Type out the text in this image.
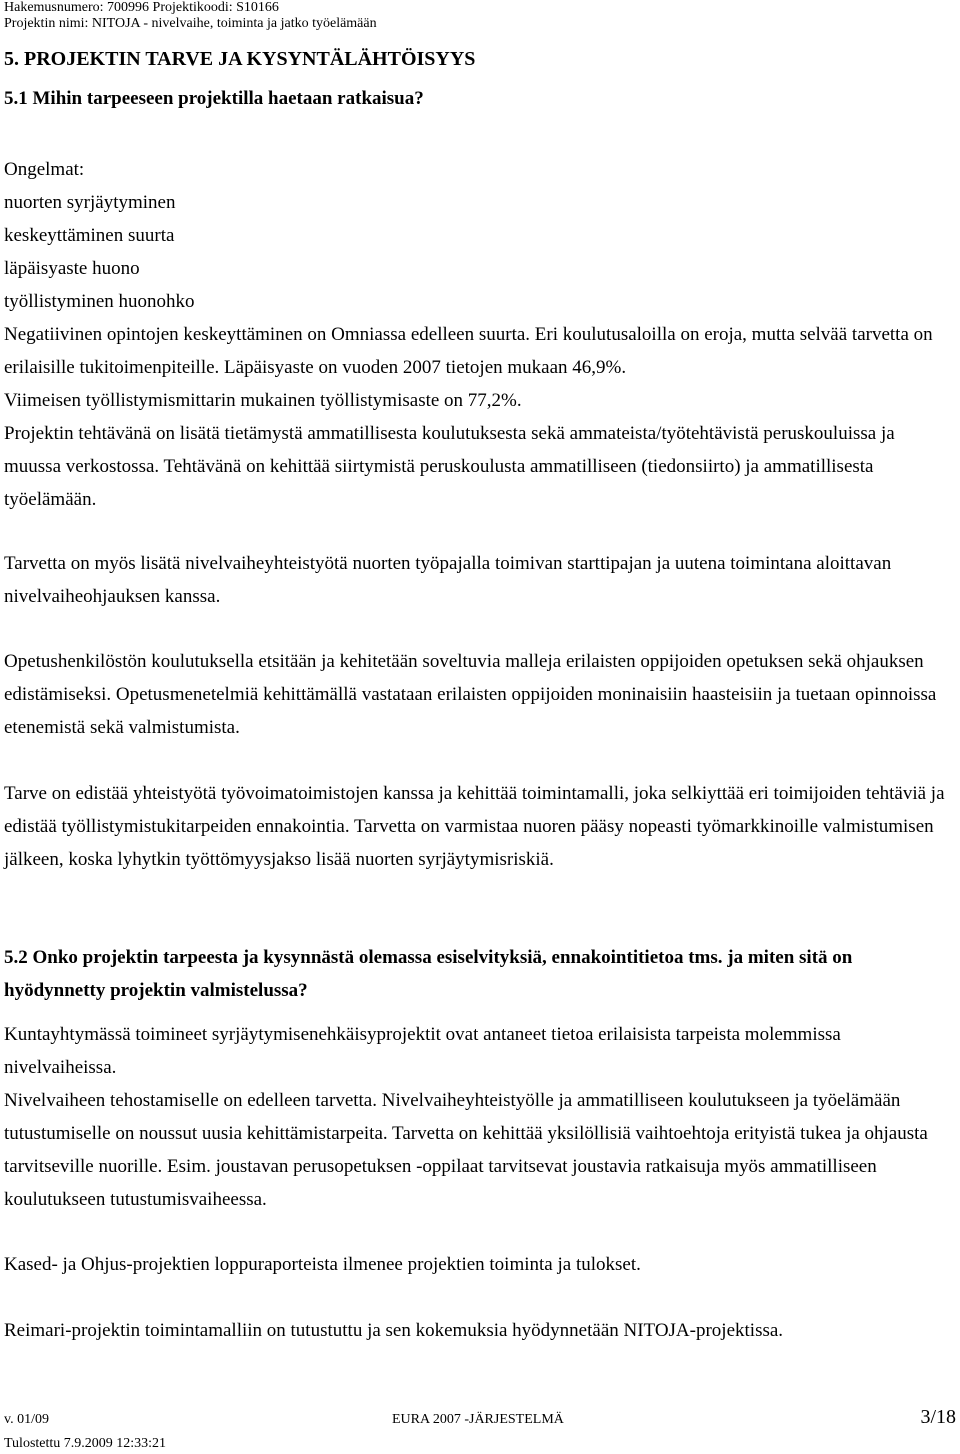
Hakemusnumero: 700996 Projektikoodi: S10166
Projektin nimi: NITOJA - nivelvaihe, toiminta ja jatko työelämään
5. PROJEKTIN TARVE JA KYSYNTÄLÄHTÖISYYS
5.1 Mihin tarpeeseen projektilla haetaan ratkaisua?

Ongelmat:

nuorten syrjäytyminen

keskeyttäminen suurta

läpäisyaste huono

työllistyminen huonohko

Negatiivinen opintojen keskeyttäminen on Omniassa edelleen suurta. Eri koulutusaloilla on eroja, mutta selvää tarvetta on erilaisille tukitoimenpiteille. Läpäisyaste on vuoden 2007 tietojen mukaan 46,9%.

Viimeisen työllistymismittarin mukainen työllistymisaste on 77,2%.

Projektin tehtävänä on lisätä tietämystä ammatillisesta koulutuksesta sekä ammateista/työtehtävistä peruskouluissa ja muussa verkostossa. Tehtävänä on kehittää siirtymistä peruskoulusta ammatilliseen (tiedonsiirto) ja ammatillisesta työelämään.

Tarvetta on myös lisätä nivelvaiheyhteistyötä nuorten työpajalla toimivan starttipajan ja uutena toimintana aloittavan nivelvaiheohjauksen kanssa.
Opetushenkilöstön koulutuksella etsitään ja kehitetään soveltuvia malleja erilaisten oppijoiden opetuksen sekä ohjauksen edistämiseksi. Opetusmenetelmiä kehittämällä vastataan erilaisten oppijoiden moninaisiin haasteisiin ja tuetaan opinnoissa etenemistä sekä valmistumista.
Tarve on edistää yhteistyötä työvoimatoimistojen kanssa ja kehittää toimintamalli, joka selkiyttää eri toimijoiden tehtäviä ja edistää työllistymistukitarpeiden ennakointia. Tarvetta on varmistaa nuoren pääsy nopeasti työmarkkinoille valmistumisen jälkeen, koska lyhytkin työttömyysjakso lisää nuorten syrjäytymisriskiä.
5.2 Onko projektin tarpeesta ja kysynnästä olemassa esiselvityksiä, ennakointitietoa tms. ja miten sitä on hyödynnetty projektin valmistelussa?

Kuntayhtymässä toimineet syrjäytymisenehkäisyprojektit ovat antaneet tietoa erilaisista tarpeista molemmissa nivelvaiheissa.

Nivelvaiheen tehostamiselle on edelleen tarvetta. Nivelvaiheyhteistyölle ja ammatilliseen koulutukseen ja työelämään tutustumiselle on noussut uusia kehittämistarpeita. Tarvetta on kehittää yksilöllisiä vaihtoehtoja erityistä tukea ja ohjausta tarvitseville nuorille. Esim. joustavan perusopetuksen -oppilaat tarvitsevat joustavia ratkaisuja myös ammatilliseen koulutukseen tutustumisvaiheessa.

Kased- ja Ohjus-projektien loppuraporteista ilmenee projektien toiminta ja tulokset.
Reimari-projektin toimintamalliin on tutustuttu ja sen kokemuksia hyödynnetään NITOJA-projektissa.
v. 01/09	EURA 2007 -JÄRJESTELMÄ	3/18
Tulostettu 7.9.2009 12:33:21
